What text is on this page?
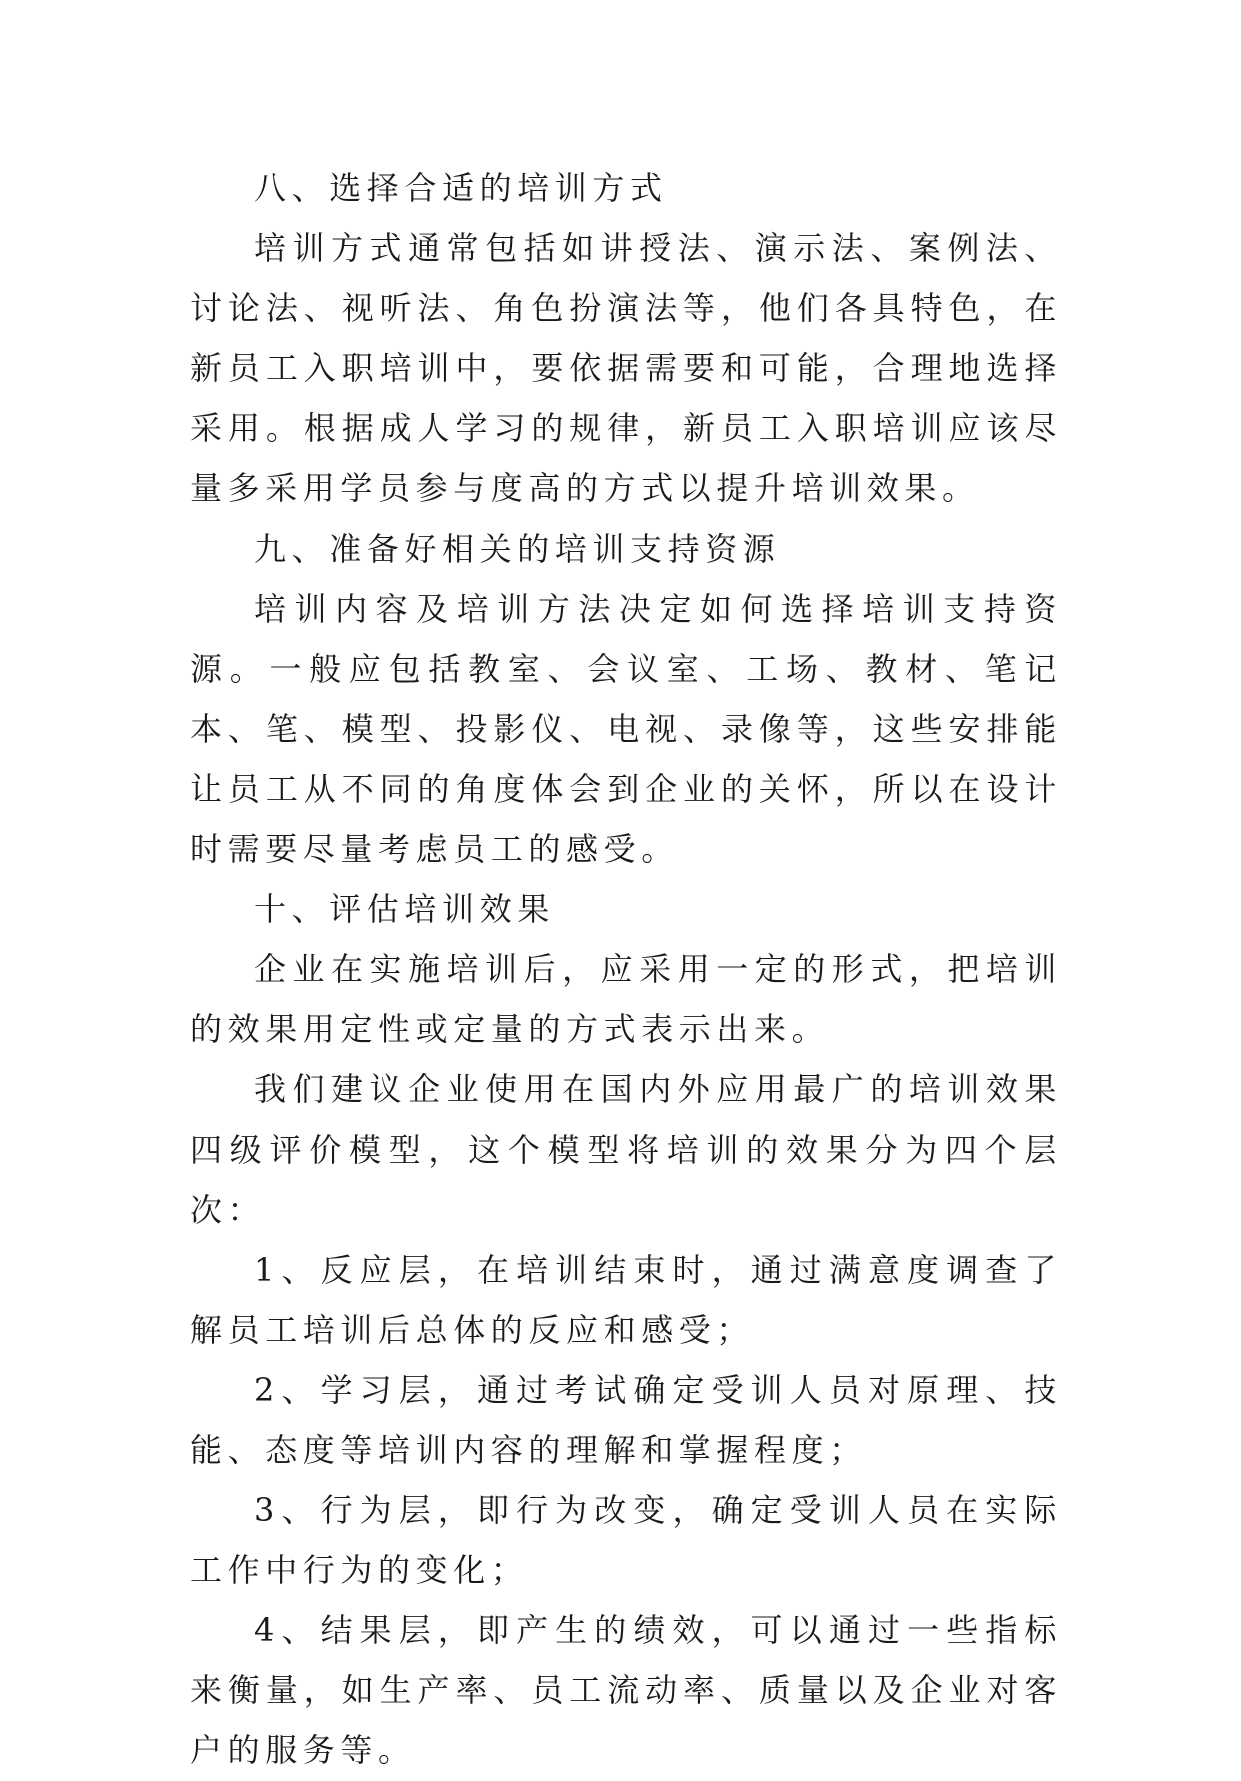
八、选择合适的培训方式

培训方式通常包括如讲授法、演示法、案例法、讨论法、视听法、角色扮演法等，他们各具特色，在新员工入职培训中，要依据需要和可能，合理地选择采用。根据成人学习的规律，新员工入职培训应该尽量多采用学员参与度高的方式以提升培训效果。

九、准备好相关的培训支持资源

培训内容及培训方法决定如何选择培训支持资源。一般应包括教室、会议室、工场、教材、笔记本、笔、模型、投影仪、电视、录像等，这些安排能让员工从不同的角度体会到企业的关怀，所以在设计时需要尽量考虑员工的感受。

十、评估培训效果

企业在实施培训后，应采用一定的形式，把培训的效果用定性或定量的方式表示出来。

我们建议企业使用在国内外应用最广的培训效果四级评价模型，这个模型将培训的效果分为四个层次：

1、反应层，在培训结束时，通过满意度调查了解员工培训后总体的反应和感受；

2、学习层，通过考试确定受训人员对原理、技能、态度等培训内容的理解和掌握程度；

3、行为层，即行为改变，确定受训人员在实际工作中行为的变化；

4、结果层，即产生的绩效，可以通过一些指标来衡量，如生产率、员工流动率、质量以及企业对客户的服务等。
